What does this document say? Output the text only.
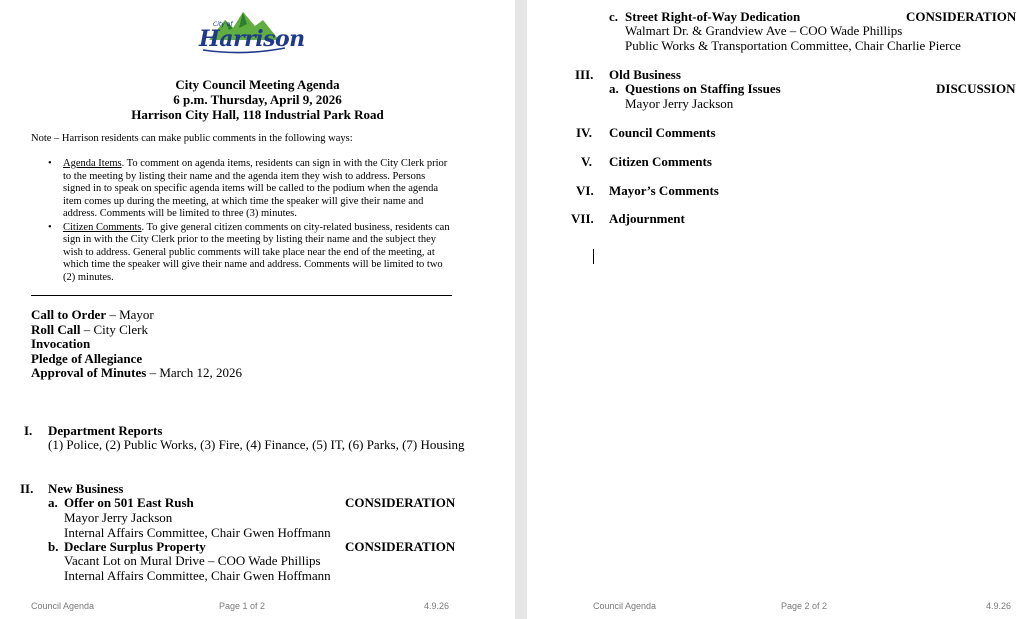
Harrison
City of
City Council Meeting Agenda
6 p.m. Thursday, April 9, 2026
Harrison City Hall, 118 Industrial Park Road
Note – Harrison residents can make public comments in the following ways:
• Agenda Items. To comment on agenda items, residents can sign in with the City Clerk prior to the meeting by listing their name and the agenda item they wish to address. Persons signed in to speak on specific agenda items will be called to the podium when the agenda item comes up during the meeting, at which time the speaker will give their name and address. Comments will be limited to three (3) minutes.
• Citizen Comments. To give general citizen comments on city-related business, residents can sign in with the City Clerk prior to the meeting by listing their name and the subject they wish to address. General public comments will take place near the end of the meeting, at which time the speaker will give their name and address. Comments will be limited to two (2) minutes.
Call to Order – Mayor
Roll Call – City Clerk
Invocation
Pledge of Allegiance
Approval of Minutes – March 12, 2026
I. Department Reports
(1) Police, (2) Public Works, (3) Fire, (4) Finance, (5) IT, (6) Parks, (7) Housing
II. New Business
a. Offer on 501 East Rush	CONSIDERATION
Mayor Jerry Jackson
Internal Affairs Committee, Chair Gwen Hoffmann
b. Declare Surplus Property	CONSIDERATION
Vacant Lot on Mural Drive – COO Wade Phillips
Internal Affairs Committee, Chair Gwen Hoffmann
Council Agenda	Page 1 of 2	4.9.26
c. Street Right-of-Way Dedication	CONSIDERATION
Walmart Dr. & Grandview Ave – COO Wade Phillips
Public Works & Transportation Committee, Chair Charlie Pierce
III. Old Business
a. Questions on Staffing Issues	DISCUSSION
Mayor Jerry Jackson
IV. Council Comments
V. Citizen Comments
VI. Mayor’s Comments
VII. Adjournment
Council Agenda	Page 2 of 2	4.9.26
